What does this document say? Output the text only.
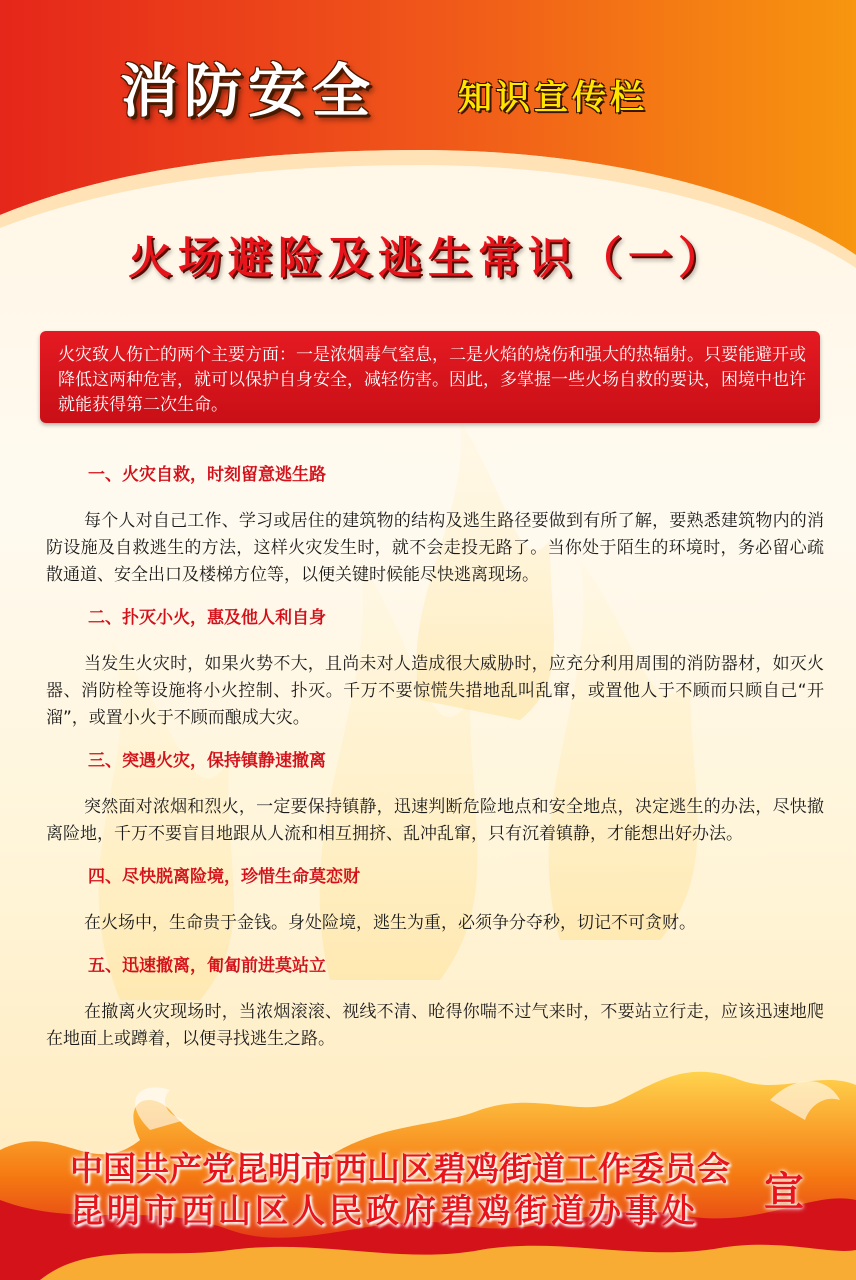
消防安全 知识宣传栏
火场避险及逃生常识（一）

火灾致人伤亡的两个主要方面：一是浓烟毒气窒息，二是火焰的烧伤和强大的热辐射。只要能避开或降低这两种危害，就可以保护自身安全，减轻伤害。因此，多掌握一些火场自救的要诀，困境中也许就能获得第二次生命。

一、火灾自救，时刻留意逃生路

每个人对自己工作、学习或居住的建筑物的结构及逃生路径要做到有所了解，要熟悉建筑物内的消防设施及自救逃生的方法，这样火灾发生时，就不会走投无路了。当你处于陌生的环境时，务必留心疏散通道、安全出口及楼梯方位等，以便关键时候能尽快逃离现场。

二、扑灭小火，惠及他人利自身

当发生火灾时，如果火势不大，且尚未对人造成很大威胁时，应充分利用周围的消防器材，如灭火器、消防栓等设施将小火控制、扑灭。千万不要惊慌失措地乱叫乱窜，或置他人于不顾而只顾自己“开溜”，或置小火于不顾而酿成大灾。

三、突遇火灾，保持镇静速撤离

突然面对浓烟和烈火，一定要保持镇静，迅速判断危险地点和安全地点，决定逃生的办法，尽快撤离险地，千万不要盲目地跟从人流和相互拥挤、乱冲乱窜，只有沉着镇静，才能想出好办法。

四、尽快脱离险境，珍惜生命莫恋财

在火场中，生命贵于金钱。身处险境，逃生为重，必须争分夺秒，切记不可贪财。

五、迅速撤离，匍匐前进莫站立

在撤离火灾现场时，当浓烟滚滚、视线不清、呛得你喘不过气来时，不要站立行走，应该迅速地爬在地面上或蹲着，以便寻找逃生之路。

中国共产党昆明市西山区碧鸡街道工作委员会
昆明市西山区人民政府碧鸡街道办事处	宣
